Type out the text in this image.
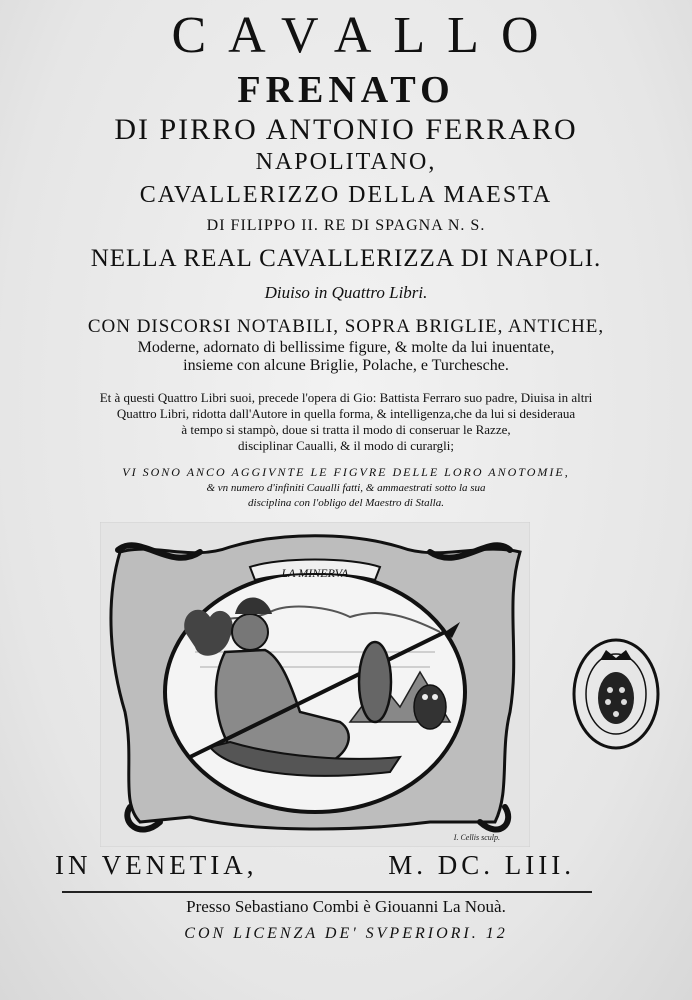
CAVALLO
FRENATO
DI PIRRO ANTONIO FERRARO
NAPOLITANO,
CAVALLERIZZO DELLA MAESTA
DI FILIPPO II. RE DI SPAGNA N. S.
NELLA REAL CAVALLERIZZA DI NAPOLI.
Diuiso in Quattro Libri.
CON DISCORSI NOTABILI, SOPRA BRIGLIE, ANTICHE,
Moderne, adornato di bellissime figure, & molte da lui inuentate,
insieme con alcune Briglie, Polache, e Turchesche.
Et à questi Quattro Libri suoi, precede l'opera di Gio: Battista Ferraro suo padre, Diuisa in altri
Quattro Libri, ridotta dall'Autore in quella forma, & intelligenza,che da lui si desideraua
à tempo si stampò, doue si tratta il modo di conseruar le Razze,
disciplinar Caualli, & il modo di curargli;
VI SONO ANCO AGGIVNTE LE FIGVRE DELLE LORO ANOTOMIE,
& vn numero d'infiniti Caualli fatti, & ammaestrati sotto la sua
disciplina con l'obligo del Maestro di Stalla.
LA MINERVA
I. Cellis sculp.
IN VENETIA,	M. DC. LIII.
Presso Sebastiano Combi è Giouanni La Nouà.
CON LICENZA DE' SVPERIORI. 12
